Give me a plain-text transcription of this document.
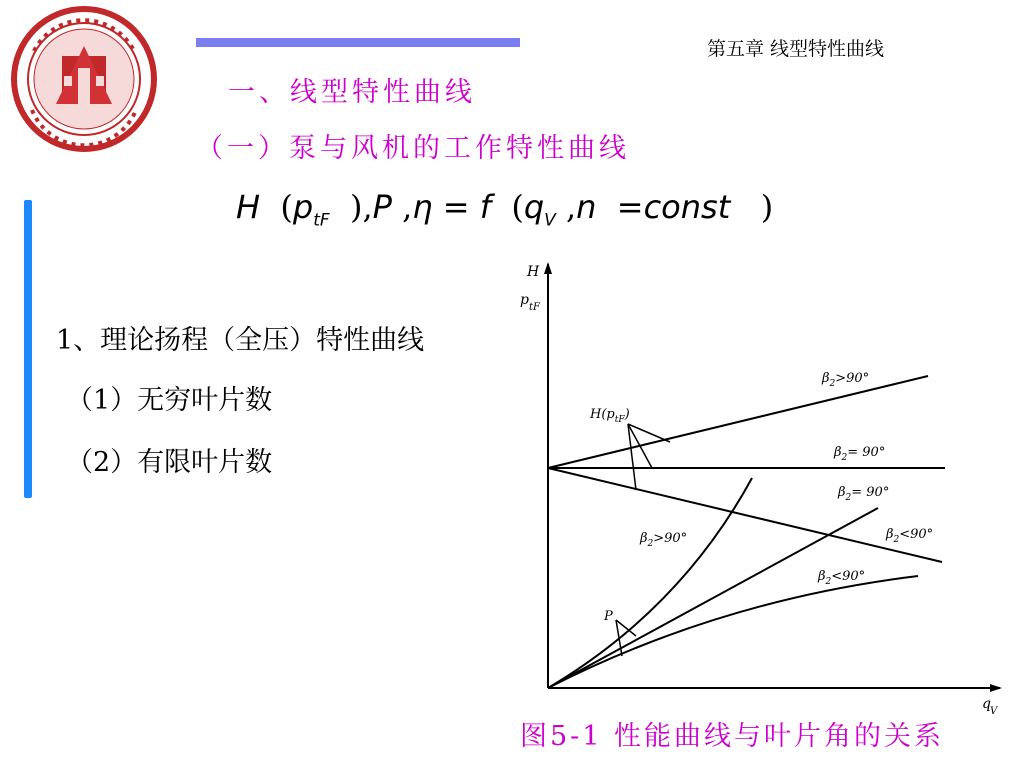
第五章 线型特性曲线
一、线型特性曲线
（一）泵与风机的工作特性曲线
H  ($p_{tF}$  ),P ,η = f  ($q_V$ ,n  =const   )
1、理论扬程（全压）特性曲线
（1）无穷叶片数
（2）有限叶片数
H
p tF
q V
$H(p_{tF})$
P
$\beta_2>90^\circ$
$\beta_2= 90^\circ$
$\beta_2<90^\circ$
$\beta_2>90^\circ$
$\beta_2= 90^\circ$
$\beta_2<90^\circ$
图5-1 性能曲线与叶片角的关系
